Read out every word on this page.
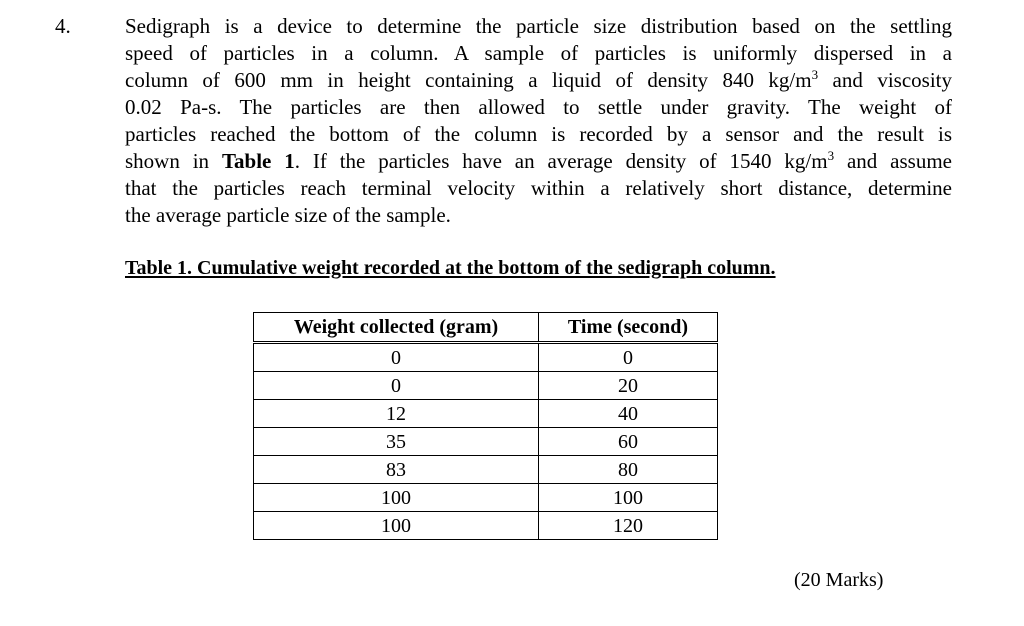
4.	Sedigraph is a device to determine the particle size distribution based on the settling
speed of particles in a column. A sample of particles is uniformly dispersed in a
column of 600 mm in height containing a liquid of density 840 $kg/m^3$ and viscosity
0.02 Pa-s. The particles are then allowed to settle under gravity. The weight of
particles reached the bottom of the column is recorded by a sensor and the result is
shown in Table 1. If the particles have an average density of 1540 $kg/m^3$ and assume
that the particles reach terminal velocity within a relatively short distance, determine
the average particle size of the sample.
Table 1. Cumulative weight recorded at the bottom of the sedigraph column.
Weight collected (gram)	Time (second)
0	0
0	20
12	40
35	60
83	80
100	100
100	120
(20 Marks)
